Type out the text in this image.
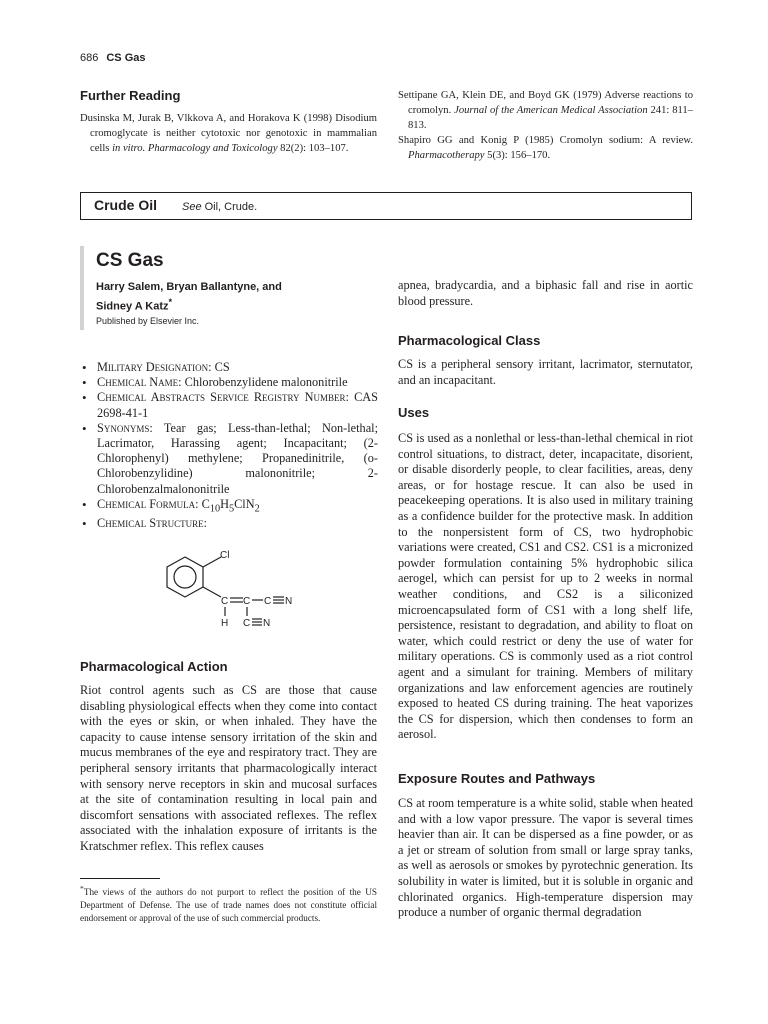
686 CS Gas
Further Reading
Dusinska M, Jurak B, Vlkkova A, and Horakova K (1998) Disodium cromoglycate is neither cytotoxic nor genotoxic in mammalian cells in vitro. Pharmacology and Toxicology 82(2): 103–107.
Settipane GA, Klein DE, and Boyd GK (1979) Adverse reactions to cromolyn. Journal of the American Medical Association 241: 811–813.
Shapiro GG and Konig P (1985) Cromolyn sodium: A review. Pharmacotherapy 5(3): 156–170.
Crude Oil See Oil, Crude.
CS Gas
Harry Salem, Bryan Ballantyne, and
Sidney A Katz*
Published by Elsevier Inc.
• Military Designation: CS
• Chemical Name: Chlorobenzylidene malononitrile
• Chemical Abstracts Service Registry Number: CAS 2698-41-1
• Synonyms: Tear gas; Less-than-lethal; Non-lethal; Lacrimator, Harassing agent; Incapacitant; (2-Chlorophenyl) methylene; Propanedinitrile, (o-Chlorobenzylidine) malononitrile; 2-Chlorobenzalmalononitrile
• Chemical Formula: $C_{10}H_5ClN_2$
• Chemical Structure:
Cl
C C C N
H C N
Pharmacological Action
Riot control agents such as CS are those that cause disabling physiological effects when they come into contact with the eyes or skin, or when inhaled. They have the capacity to cause intense sensory irritation of the skin and mucus membranes of the eye and respiratory tract. They are peripheral sensory irritants that pharmacologically interact with sensory nerve receptors in skin and mucosal surfaces at the site of contamination resulting in local pain and discomfort sensations with associated reflexes. The reflex associated with the inhalation exposure of irritants is the Kratschmer reflex. This reflex causes
*The views of the authors do not purport to reflect the position of the US Department of Defense. The use of trade names does not constitute official endorsement or approval of the use of such commercial products.
apnea, bradycardia, and a biphasic fall and rise in aortic blood pressure.
Pharmacological Class
CS is a peripheral sensory irritant, lacrimator, sternutator, and an incapacitant.
Uses
CS is used as a nonlethal or less-than-lethal chemical in riot control situations, to distract, deter, incapacitate, disorient, or disable disorderly people, to clear facilities, areas, deny areas, or for hostage rescue. It can also be used in peacekeeping operations. It is also used in military training as a confidence builder for the protective mask. In addition to the nonpersistent form of CS, two hydrophobic variations were created, CS1 and CS2. CS1 is a micronized powder formulation containing 5% hydrophobic silica aerogel, which can persist for up to 2 weeks in normal weather conditions, and CS2 is a siliconized microencapsulated form of CS1 with a long shelf life, persistence, resistant to degradation, and ability to float on water, which could restrict or deny the use of water for military operations. CS is commonly used as a riot control agent and a simulant for training. Members of military organizations and law enforcement agencies are routinely exposed to heated CS during training. The heat vaporizes the CS for dispersion, which then condenses to form an aerosol.
Exposure Routes and Pathways
CS at room temperature is a white solid, stable when heated and with a low vapor pressure. The vapor is several times heavier than air. It can be dispersed as a fine powder, or as a jet or stream of solution from small or large spray tanks, as well as aerosols or smokes by pyrotechnic generation. Its solubility in water is limited, but it is soluble in organic and chlorinated organics. High-temperature dispersion may produce a number of organic thermal degradation
